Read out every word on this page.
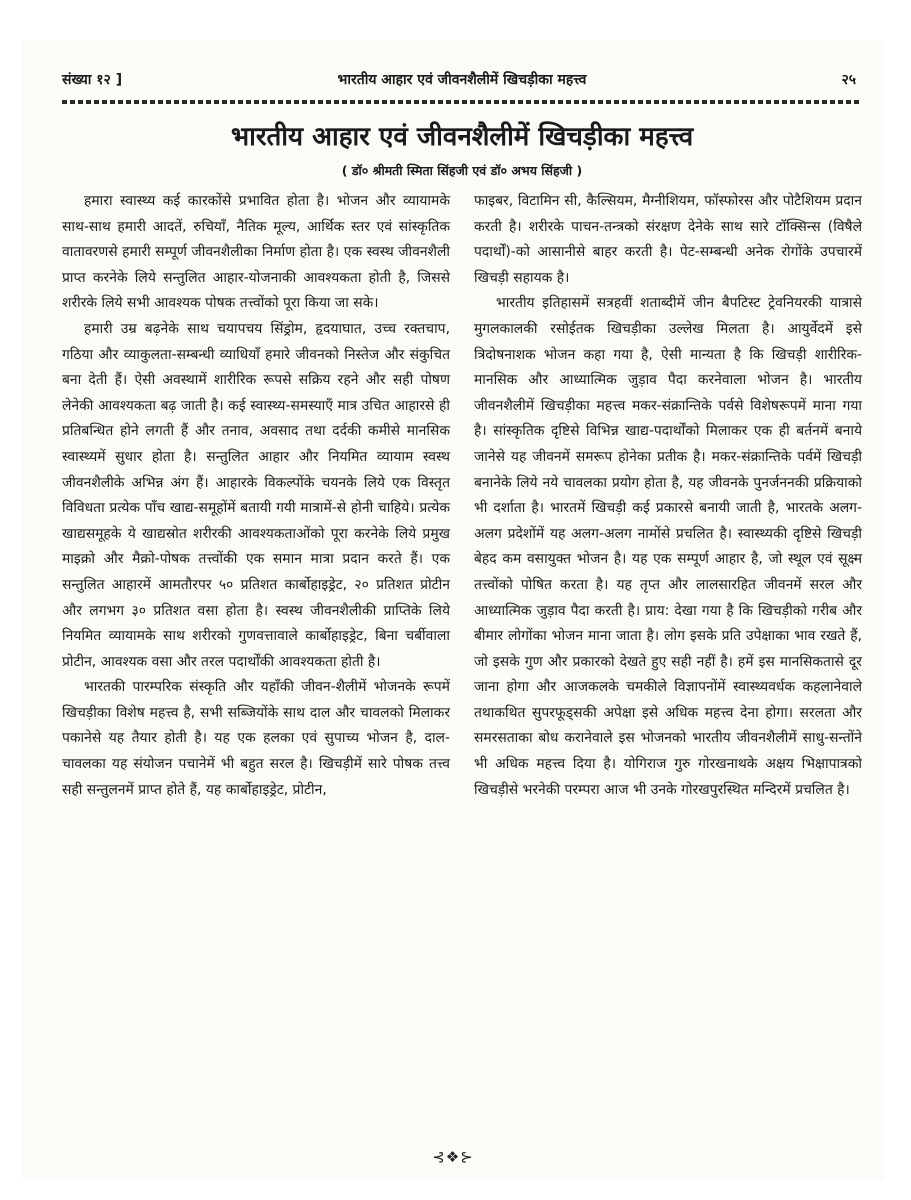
संख्या १२ ]	भारतीय आहार एवं जीवनशैलीमें खिचड़ीका महत्त्व	२५
भारतीय आहार एवं जीवनशैलीमें खिचड़ीका महत्त्व
( डॉ० श्रीमती स्मिता सिंहजी एवं डॉ० अभय सिंहजी )

हमारा स्वास्थ्य कई कारकोंसे प्रभावित होता है। भोजन और व्यायामके साथ-साथ हमारी आदतें, रुचियाँ, नैतिक मूल्य, आर्थिक स्तर एवं सांस्कृतिक वातावरणसे हमारी सम्पूर्ण जीवनशैलीका निर्माण होता है। एक स्वस्थ जीवनशैली प्राप्त करनेके लिये सन्तुलित आहार-योजनाकी आवश्यकता होती है, जिससे शरीरके लिये सभी आवश्यक पोषक तत्त्वोंको पूरा किया जा सके।

हमारी उम्र बढ़नेके साथ चयापचय सिंड्रोम, हृदयाघात, उच्च रक्तचाप, गठिया और व्याकुलता-सम्बन्धी व्याधियाँ हमारे जीवनको निस्तेज और संकुचित बना देती हैं। ऐसी अवस्थामें शारीरिक रूपसे सक्रिय रहने और सही पोषण लेनेकी आवश्यकता बढ़ जाती है। कई स्वास्थ्य-समस्याएँ मात्र उचित आहारसे ही प्रतिबन्धित होने लगती हैं और तनाव, अवसाद तथा दर्दकी कमीसे मानसिक स्वास्थ्यमें सुधार होता है। सन्तुलित आहार और नियमित व्यायाम स्वस्थ जीवनशैलीके अभिन्न अंग हैं। आहारके विकल्पोंके चयनके लिये एक विस्तृत विविधता प्रत्येक पाँच खाद्य-समूहोंमें बतायी गयी मात्रामें-से होनी चाहिये। प्रत्येक खाद्यसमूहके ये खाद्यस्रोत शरीरकी आवश्यकताओंको पूरा करनेके लिये प्रमुख माइक्रो और मैक्रो-पोषक तत्त्वोंकी एक समान मात्रा प्रदान करते हैं। एक सन्तुलित आहारमें आमतौरपर ५० प्रतिशत कार्बोहाइड्रेट, २० प्रतिशत प्रोटीन और लगभग ३० प्रतिशत वसा होता है। स्वस्थ जीवनशैलीकी प्राप्तिके लिये नियमित व्यायामके साथ शरीरको गुणवत्तावाले कार्बोहाइड्रेट, बिना चर्बीवाला प्रोटीन, आवश्यक वसा और तरल पदार्थोंकी आवश्यकता होती है।

भारतकी पारम्परिक संस्कृति और यहाँकी जीवन-शैलीमें भोजनके रूपमें खिचड़ीका विशेष महत्त्व है, सभी सब्जियोंके साथ दाल और चावलको मिलाकर पकानेसे यह तैयार होती है। यह एक हलका एवं सुपाच्य भोजन है, दाल-चावलका यह संयोजन पचानेमें भी बहुत सरल है। खिचड़ीमें सारे पोषक तत्त्व सही सन्तुलनमें प्राप्त होते हैं, यह कार्बोहाइड्रेट, प्रोटीन,

फाइबर, विटामिन सी, कैल्सियम, मैग्नीशियम, फॉस्फोरस और पोटैशियम प्रदान करती है। शरीरके पाचन-तन्त्रको संरक्षण देनेके साथ सारे टॉक्सिन्स (विषैले पदार्थों)-को आसानीसे बाहर करती है। पेट-सम्बन्धी अनेक रोगोंके उपचारमें खिचड़ी सहायक है।

भारतीय इतिहासमें सत्रहवीं शताब्दीमें जीन बैपटिस्ट ट्रेवनियरकी यात्रासे मुगलकालकी रसोईतक खिचड़ीका उल्लेख मिलता है। आयुर्वेदमें इसे त्रिदोषनाशक भोजन कहा गया है, ऐसी मान्यता है कि खिचड़ी शारीरिक-मानसिक और आध्यात्मिक जुड़ाव पैदा करनेवाला भोजन है। भारतीय जीवनशैलीमें खिचड़ीका महत्त्व मकर-संक्रान्तिके पर्वसे विशेषरूपमें माना गया है। सांस्कृतिक दृष्टिसे विभिन्न खाद्य-पदार्थोंको मिलाकर एक ही बर्तनमें बनाये जानेसे यह जीवनमें समरूप होनेका प्रतीक है। मकर-संक्रान्तिके पर्वमें खिचड़ी बनानेके लिये नये चावलका प्रयोग होता है, यह जीवनके पुनर्जननकी प्रक्रियाको भी दर्शाता है। भारतमें खिचड़ी कई प्रकारसे बनायी जाती है, भारतके अलग-अलग प्रदेशोंमें यह अलग-अलग नामोंसे प्रचलित है। स्वास्थ्यकी दृष्टिसे खिचड़ी बेहद कम वसायुक्त भोजन है। यह एक सम्पूर्ण आहार है, जो स्थूल एवं सूक्ष्म तत्त्वोंको पोषित करता है। यह तृप्त और लालसारहित जीवनमें सरल और आध्यात्मिक जुड़ाव पैदा करती है। प्राय: देखा गया है कि खिचड़ीको गरीब और बीमार लोगोंका भोजन माना जाता है। लोग इसके प्रति उपेक्षाका भाव रखते हैं, जो इसके गुण और प्रकारको देखते हुए सही नहीं है। हमें इस मानसिकतासे दूर जाना होगा और आजकलके चमकीले विज्ञापनोंमें स्वास्थ्यवर्धक कहलानेवाले तथाकथित सुपरफूड्सकी अपेक्षा इसे अधिक महत्त्व देना होगा। सरलता और समरसताका बोध करानेवाले इस भोजनको भारतीय जीवनशैलीमें साधु-सन्तोंने भी अधिक महत्त्व दिया है। योगिराज गुरु गोरखनाथके अक्षय भिक्षापात्रको खिचड़ीसे भरनेकी परम्परा आज भी उनके गोरखपुरस्थित मन्दिरमें प्रचलित है।

⊰❖⊱
